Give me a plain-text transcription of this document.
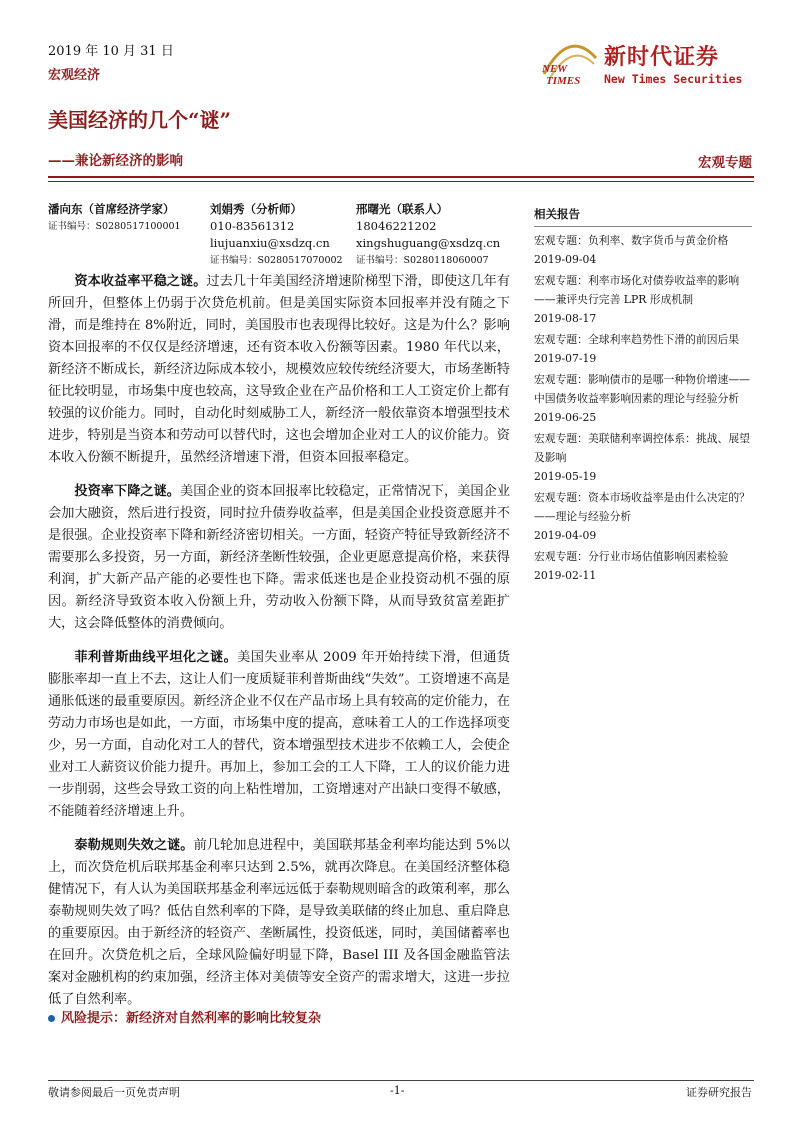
2019 年 10 月 31 日
宏观经济	NEW
TIMES
新时代证券
New Times Securities
美国经济的几个“谜”
——兼论新经济的影响	宏观专题
潘向东（首席经济学家）
证书编号：S0280517100001
刘娟秀（分析师）
010-83561312
liujuanxiu@xsdzq.cn
证书编号：S0280517070002
邢曙光（联系人）
18046221202
xingshuguang@xsdzq.cn
证书编号：S0280118060007

资本收益率平稳之谜。过去几十年美国经济增速阶梯型下滑，即使这几年有所回升，但整体上仍弱于次贷危机前。但是美国实际资本回报率并没有随之下滑，而是维持在 8%附近，同时，美国股市也表现得比较好。这是为什么？影响资本回报率的不仅仅是经济增速，还有资本收入份额等因素。1980 年代以来，新经济不断成长，新经济边际成本较小，规模效应较传统经济要大，市场垄断特征比较明显，市场集中度也较高，这导致企业在产品价格和工人工资定价上都有较强的议价能力。同时，自动化时刻威胁工人，新经济一般依靠资本增强型技术进步，特别是当资本和劳动可以替代时，这也会增加企业对工人的议价能力。资本收入份额不断提升，虽然经济增速下滑，但资本回报率稳定。

投资率下降之谜。美国企业的资本回报率比较稳定，正常情况下，美国企业会加大融资，然后进行投资，同时拉升债券收益率，但是美国企业投资意愿并不是很强。企业投资率下降和新经济密切相关。一方面，轻资产特征导致新经济不需要那么多投资，另一方面，新经济垄断性较强，企业更愿意提高价格，来获得利润，扩大新产品产能的必要性也下降。需求低迷也是企业投资动机不强的原因。新经济导致资本收入份额上升，劳动收入份额下降，从而导致贫富差距扩大，这会降低整体的消费倾向。

菲利普斯曲线平坦化之谜。美国失业率从 2009 年开始持续下滑，但通货膨胀率却一直上不去，这让人们一度质疑菲利普斯曲线“失效”。工资增速不高是通胀低迷的最重要原因。新经济企业不仅在产品市场上具有较高的定价能力，在劳动力市场也是如此，一方面，市场集中度的提高，意味着工人的工作选择项变少，另一方面，自动化对工人的替代，资本增强型技术进步不依赖工人，会使企业对工人薪资议价能力提升。再加上，参加工会的工人下降，工人的议价能力进一步削弱，这些会导致工资的向上粘性增加，工资增速对产出缺口变得不敏感，不能随着经济增速上升。

泰勒规则失效之谜。前几轮加息进程中，美国联邦基金利率均能达到 5%以上，而次贷危机后联邦基金利率只达到 2.5%，就再次降息。在美国经济整体稳健情况下，有人认为美国联邦基金利率远远低于泰勒规则暗含的政策利率，那么泰勒规则失效了吗？低估自然利率的下降，是导致美联储的终止加息、重启降息的重要原因。由于新经济的轻资产、垄断属性，投资低迷，同时，美国储蓄率也在回升。次贷危机之后，全球风险偏好明显下降，Basel III 及各国金融监管法案对金融机构的约束加强，经济主体对美债等安全资产的需求增大，这进一步拉低了自然利率。

风险提示：新经济对自然利率的影响比较复杂
相关报告
宏观专题：负利率、数字货币与黄金价格
2019-09-04
宏观专题：利率市场化对债券收益率的影响——兼评央行完善 LPR 形成机制
2019-08-17
宏观专题：全球利率趋势性下滑的前因后果
2019-07-19
宏观专题：影响债市的是哪一种物价增速——中国债务收益率影响因素的理论与经验分析
2019-06-25
宏观专题：美联储利率调控体系：挑战、展望及影响
2019-05-19
宏观专题：资本市场收益率是由什么决定的？——理论与经验分析
2019-04-09
宏观专题：分行业市场估值影响因素检验
2019-02-11
敬请参阅最后一页免责声明	-1-	证券研究报告
